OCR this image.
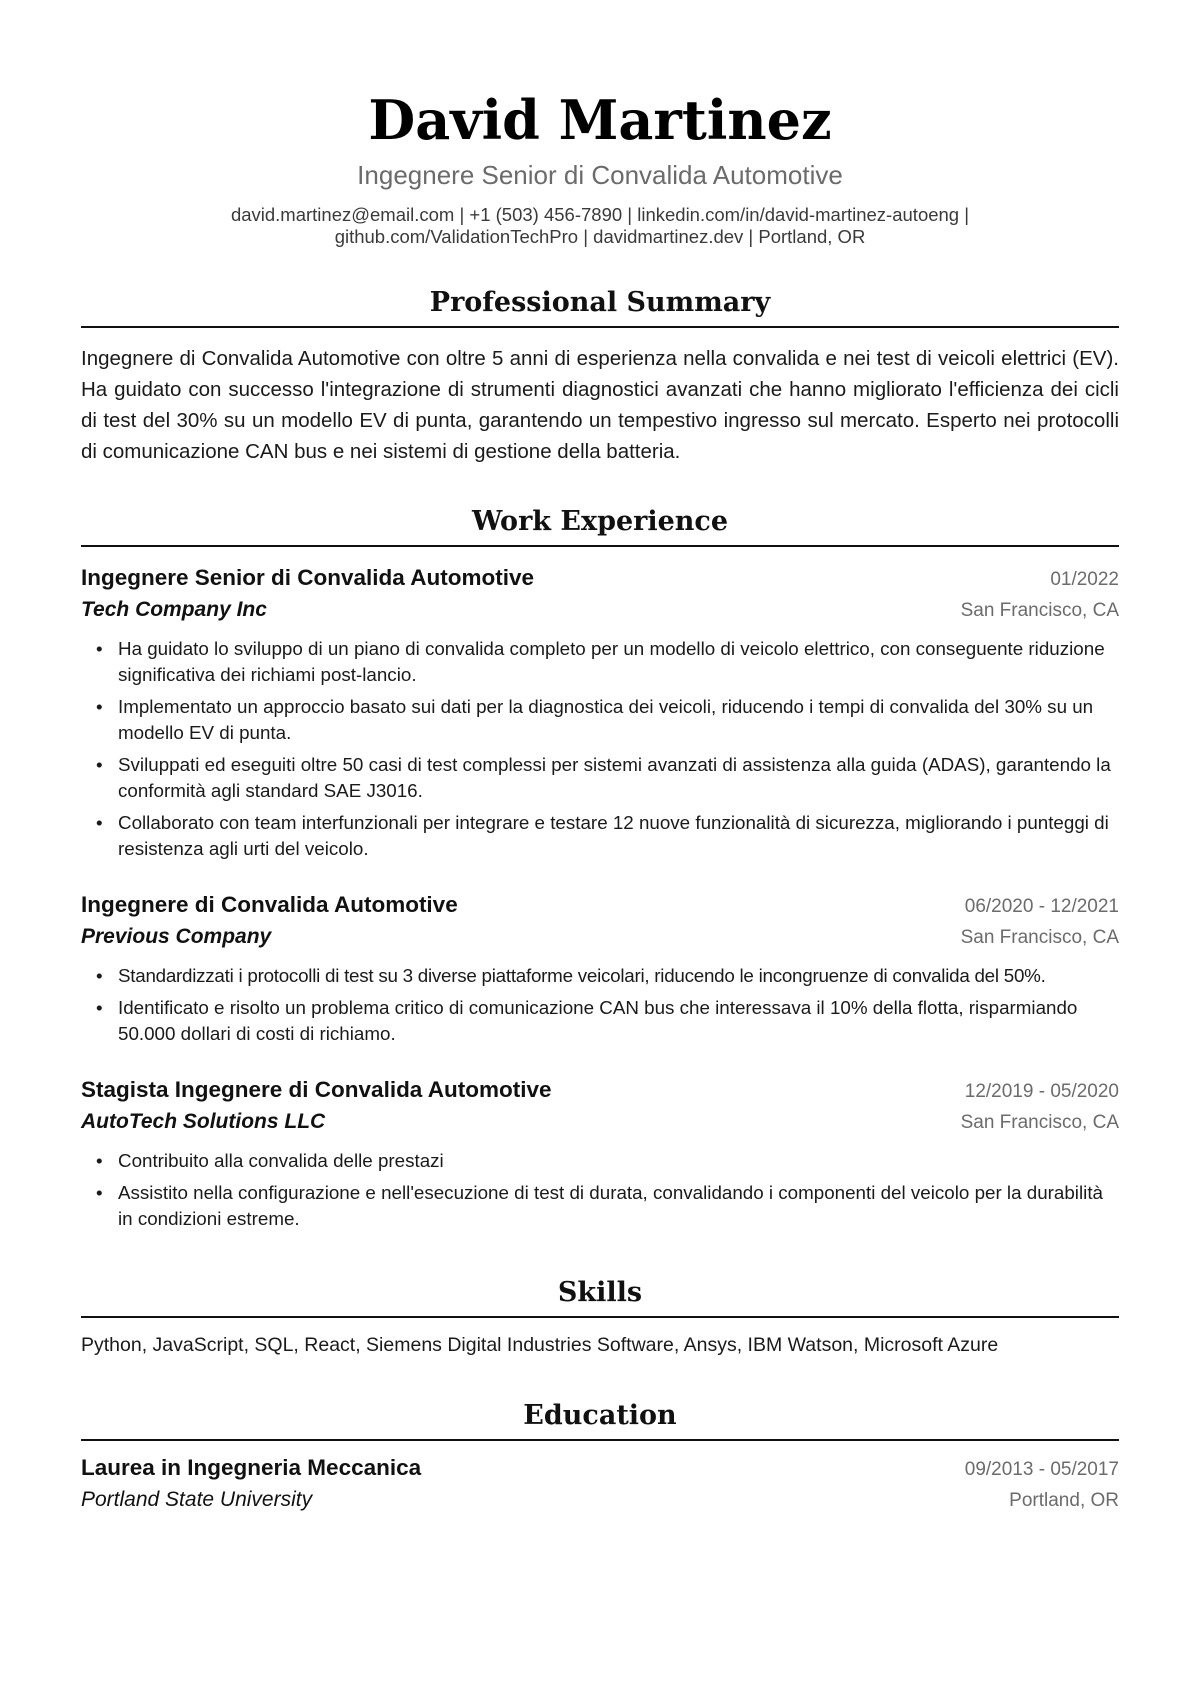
David Martinez
Ingegnere Senior di Convalida Automotive
david.martinez@email.com | +1 (503) 456-7890 | linkedin.com/in/david-martinez-autoeng |
github.com/ValidationTechPro | davidmartinez.dev | Portland, OR
Professional Summary
Ingegnere di Convalida Automotive con oltre 5 anni di esperienza nella convalida e nei test di veicoli elettrici (EV). Ha guidato con successo l'integrazione di strumenti diagnostici avanzati che hanno migliorato l'efficienza dei cicli di test del 30% su un modello EV di punta, garantendo un tempestivo ingresso sul mercato. Esperto nei protocolli di comunicazione CAN bus e nei sistemi di gestione della batteria.
Work Experience
Ingegnere Senior di Convalida Automotive	01/2022
Tech Company Inc	San Francisco, CA
• Ha guidato lo sviluppo di un piano di convalida completo per un modello di veicolo elettrico, con conseguente riduzione significativa dei richiami post-lancio.
• Implementato un approccio basato sui dati per la diagnostica dei veicoli, riducendo i tempi di convalida del 30% su un modello EV di punta.
• Sviluppati ed eseguiti oltre 50 casi di test complessi per sistemi avanzati di assistenza alla guida (ADAS), garantendo la conformità agli standard SAE J3016.
• Collaborato con team interfunzionali per integrare e testare 12 nuove funzionalità di sicurezza, migliorando i punteggi di resistenza agli urti del veicolo.
Ingegnere di Convalida Automotive	06/2020 - 12/2021
Previous Company	San Francisco, CA
• Standardizzati i protocolli di test su 3 diverse piattaforme veicolari, riducendo le incongruenze di convalida del 50%.
• Identificato e risolto un problema critico di comunicazione CAN bus che interessava il 10% della flotta, risparmiando 50.000 dollari di costi di richiamo.
Stagista Ingegnere di Convalida Automotive	12/2019 - 05/2020
AutoTech Solutions LLC	San Francisco, CA
• Contribuito alla convalida delle prestazi
• Assistito nella configurazione e nell'esecuzione di test di durata, convalidando i componenti del veicolo per la durabilità in condizioni estreme.
Skills
Python, JavaScript, SQL, React, Siemens Digital Industries Software, Ansys, IBM Watson, Microsoft Azure
Education
Laurea in Ingegneria Meccanica	09/2013 - 05/2017
Portland State University	Portland, OR
